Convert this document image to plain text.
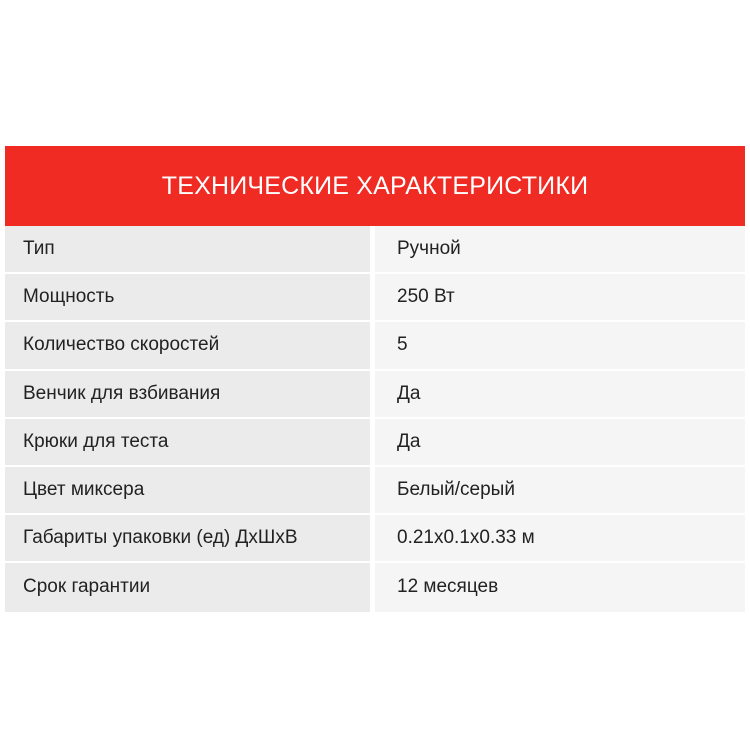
ТЕХНИЧЕСКИЕ ХАРАКТЕРИСТИКИ
Тип	Ручной
Мощность	250 Вт
Количество скоростей	5
Венчик для взбивания	Да
Крюки для теста	Да
Цвет миксера	Белый/серый
Габариты упаковки (ед) ДхШхВ	0.21x0.1x0.33 м
Срок гарантии	12 месяцев
